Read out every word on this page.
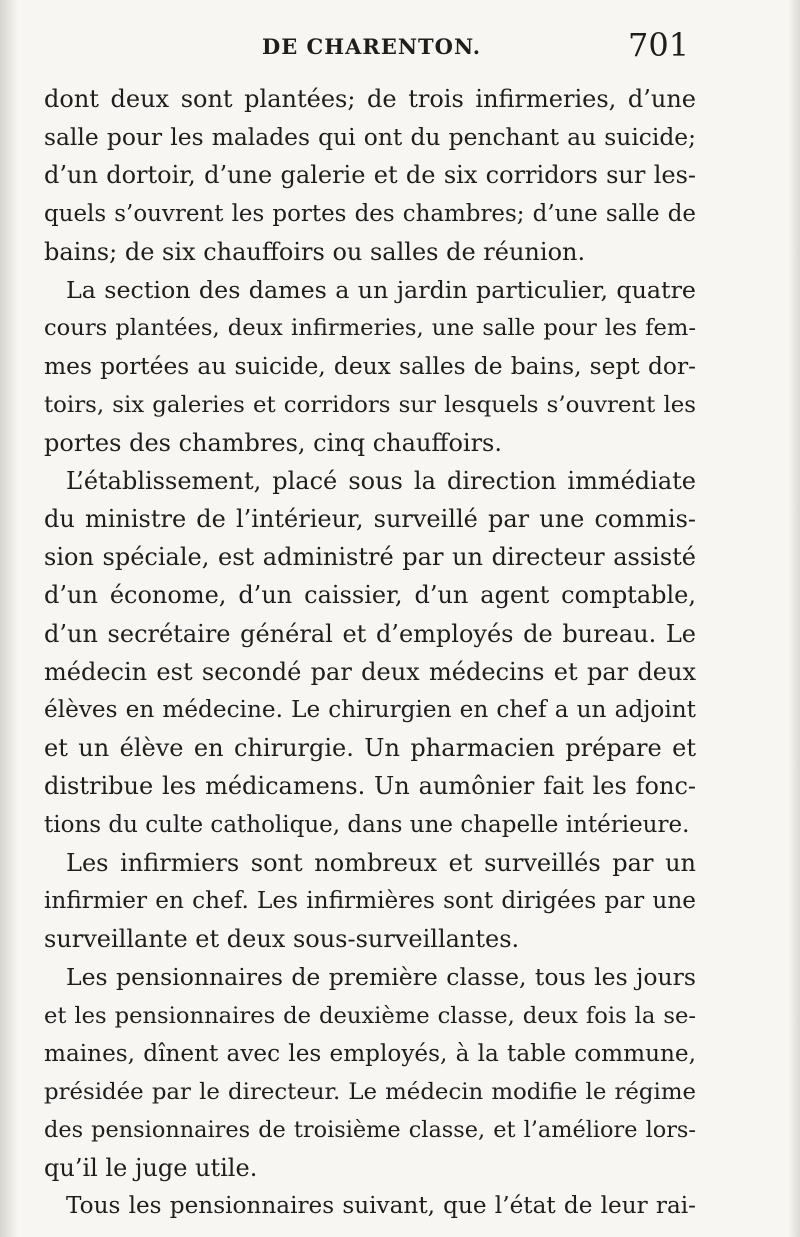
DE CHARENTON.	701
dont deux sont plantées; de trois infirmeries, d’une
salle pour les malades qui ont du penchant au suicide;
d’un dortoir, d’une galerie et de six corridors sur les-
quels s’ouvrent les portes des chambres; d’une salle de
bains; de six chauffoirs ou salles de réunion.
La section des dames a un jardin particulier, quatre
cours plantées, deux infirmeries, une salle pour les fem-
mes portées au suicide, deux salles de bains, sept dor-
toirs, six galeries et corridors sur lesquels s’ouvrent les
portes des chambres, cinq chauffoirs.
L’établissement, placé sous la direction immédiate
du ministre de l’intérieur, surveillé par une commis-
sion spéciale, est administré par un directeur assisté
d’un économe, d’un caissier, d’un agent comptable,
d’un secrétaire général et d’employés de bureau. Le
médecin est secondé par deux médecins et par deux
élèves en médecine. Le chirurgien en chef a un adjoint
et un élève en chirurgie. Un pharmacien prépare et
distribue les médicamens. Un aumônier fait les fonc-
tions du culte catholique, dans une chapelle intérieure.
Les infirmiers sont nombreux et surveillés par un
infirmier en chef. Les infirmières sont dirigées par une
surveillante et deux sous-surveillantes.
Les pensionnaires de première classe, tous les jours
et les pensionnaires de deuxième classe, deux fois la se-
maines, dînent avec les employés, à la table commune,
présidée par le directeur. Le médecin modifie le régime
des pensionnaires de troisième classe, et l’améliore lors-
qu’il le juge utile.
Tous les pensionnaires suivant, que l’état de leur rai-
